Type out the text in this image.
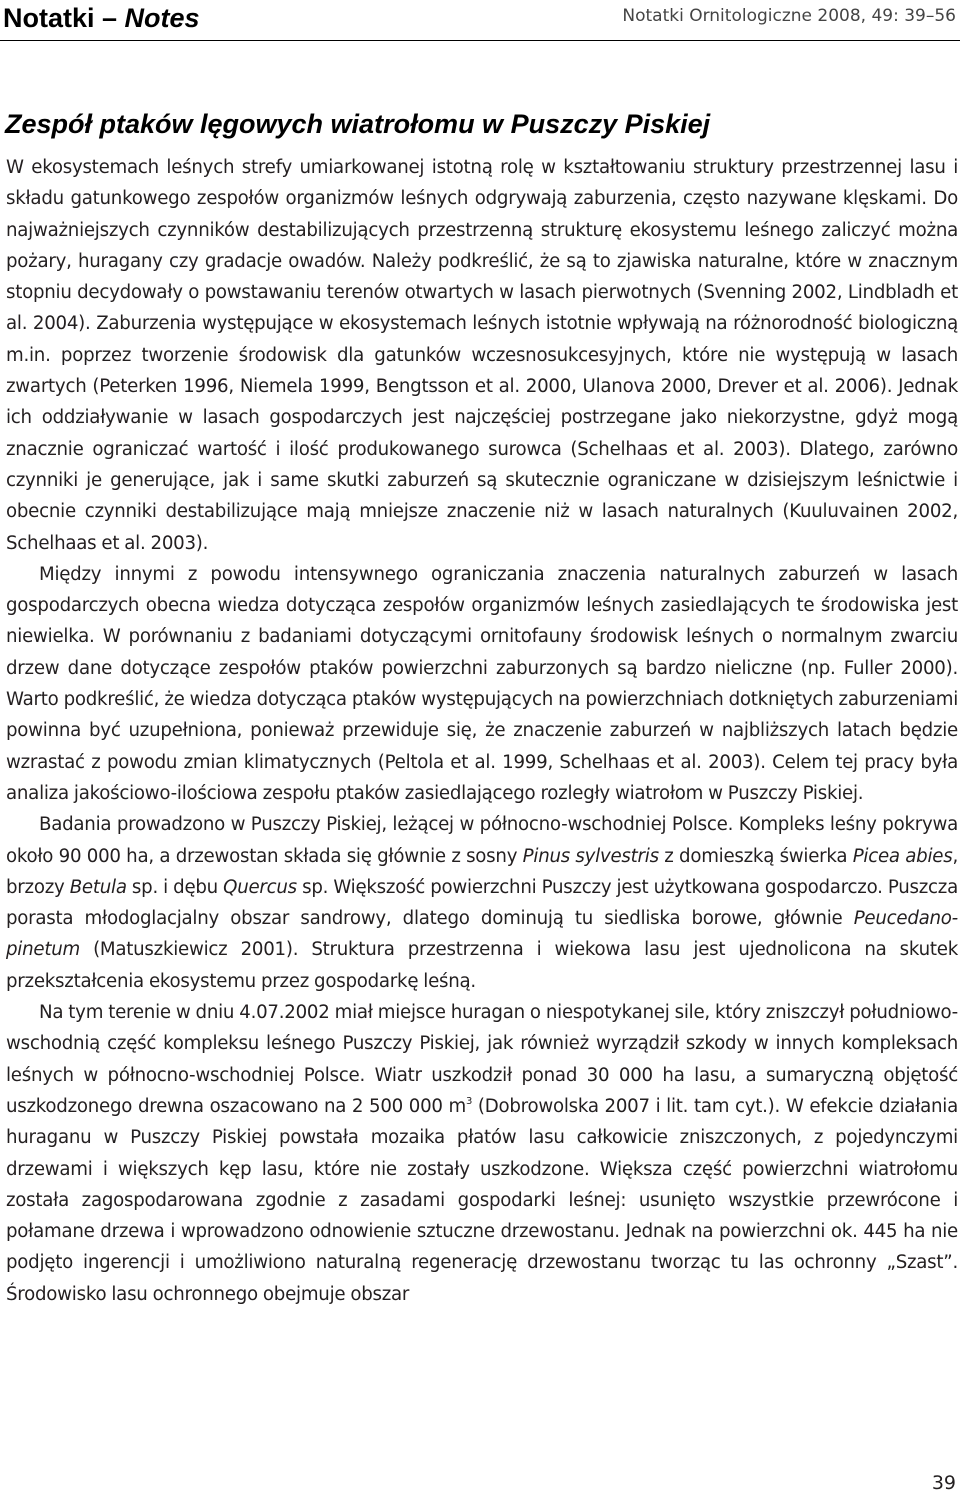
Notatki – Notes	Notatki Ornitologiczne 2008, 49: 39–56
Zespół ptaków lęgowych wiatrołomu w Puszczy Piskiej

W ekosystemach leśnych strefy umiarkowanej istotną rolę w kształtowaniu struktury przestrzennej lasu i składu gatunkowego zespołów organizmów leśnych odgrywają zaburzenia, często nazywane klęskami. Do najważniejszych czynników destabilizujących przestrzenną strukturę ekosystemu leśnego zaliczyć można pożary, huragany czy gradacje owadów. Należy podkreślić, że są to zjawiska naturalne, które w znacznym stopniu decydowały o powstawaniu terenów otwartych w lasach pierwotnych (Svenning 2002, Lindbladh et al. 2004). Zaburzenia występujące w ekosystemach leśnych istotnie wpływają na różnorodność biologiczną m.in. poprzez tworzenie środowisk dla gatunków wczesnosukcesyjnych, które nie występują w lasach zwartych (Peterken 1996, Niemela 1999, Bengtsson et al. 2000, Ulanova 2000, Drever et al. 2006). Jednak ich oddziaływanie w lasach gospodarczych jest najczęściej postrzegane jako niekorzystne, gdyż mogą znacznie ograniczać wartość i ilość produkowanego surowca (Schelhaas et al. 2003). Dlatego, zarówno czynniki je generujące, jak i same skutki zaburzeń są skutecznie ograniczane w dzisiejszym leśnictwie i obecnie czynniki destabilizujące mają mniejsze znaczenie niż w lasach naturalnych (Kuuluvainen 2002, Schelhaas et al. 2003).

Między innymi z powodu intensywnego ograniczania znaczenia naturalnych zaburzeń w lasach gospodarczych obecna wiedza dotycząca zespołów organizmów leśnych zasiedlających te środowiska jest niewielka. W porównaniu z badaniami dotyczącymi ornitofauny środowisk leśnych o normalnym zwarciu drzew dane dotyczące zespołów ptaków powierzchni zaburzonych są bardzo nieliczne (np. Fuller 2000). Warto podkreślić, że wiedza dotycząca ptaków występujących na powierzchniach dotkniętych zaburzeniami powinna być uzupełniona, ponieważ przewiduje się, że znaczenie zaburzeń w najbliższych latach będzie wzrastać z powodu zmian klimatycznych (Peltola et al. 1999, Schelhaas et al. 2003). Celem tej pracy była analiza jakościowo-ilościowa zespołu ptaków zasiedlającego rozległy wiatrołom w Puszczy Piskiej.

Badania prowadzono w Puszczy Piskiej, leżącej w północno-wschodniej Polsce. Kompleks leśny pokrywa około 90 000 ha, a drzewostan składa się głównie z sosny Pinus sylvestris z domieszką świerka Picea abies, brzozy Betula sp. i dębu Quercus sp. Większość powierzchni Puszczy jest użytkowana gospodarczo. Puszcza porasta młodoglacjalny obszar sandrowy, dlatego dominują tu siedliska borowe, głównie Peucedano-pinetum (Matuszkiewicz 2001). Struktura przestrzenna i wiekowa lasu jest ujednolicona na skutek przekształcenia ekosystemu przez gospodarkę leśną.

Na tym terenie w dniu 4.07.2002 miał miejsce huragan o niespotykanej sile, który zniszczył południowo-wschodnią część kompleksu leśnego Puszczy Piskiej, jak również wyrządził szkody w innych kompleksach leśnych w północno-wschodniej Polsce. Wiatr uszkodził ponad 30 000 ha lasu, a sumaryczną objętość uszkodzonego drewna oszacowano na 2 500 000 $m^3$ (Dobrowolska 2007 i lit. tam cyt.). W efekcie działania huraganu w Puszczy Piskiej powstała mozaika płatów lasu całkowicie zniszczonych, z pojedynczymi drzewami i większych kęp lasu, które nie zostały uszkodzone. Większa część powierzchni wiatrołomu została zagospodarowana zgodnie z zasadami gospodarki leśnej: usunięto wszystkie przewrócone i połamane drzewa i wprowadzono odnowienie sztuczne drzewostanu. Jednak na powierzchni ok. 445 ha nie podjęto ingerencji i umożliwiono naturalną regenerację drzewostanu tworząc tu las ochronny „Szast”. Środowisko lasu ochronnego obejmuje obszar

39
